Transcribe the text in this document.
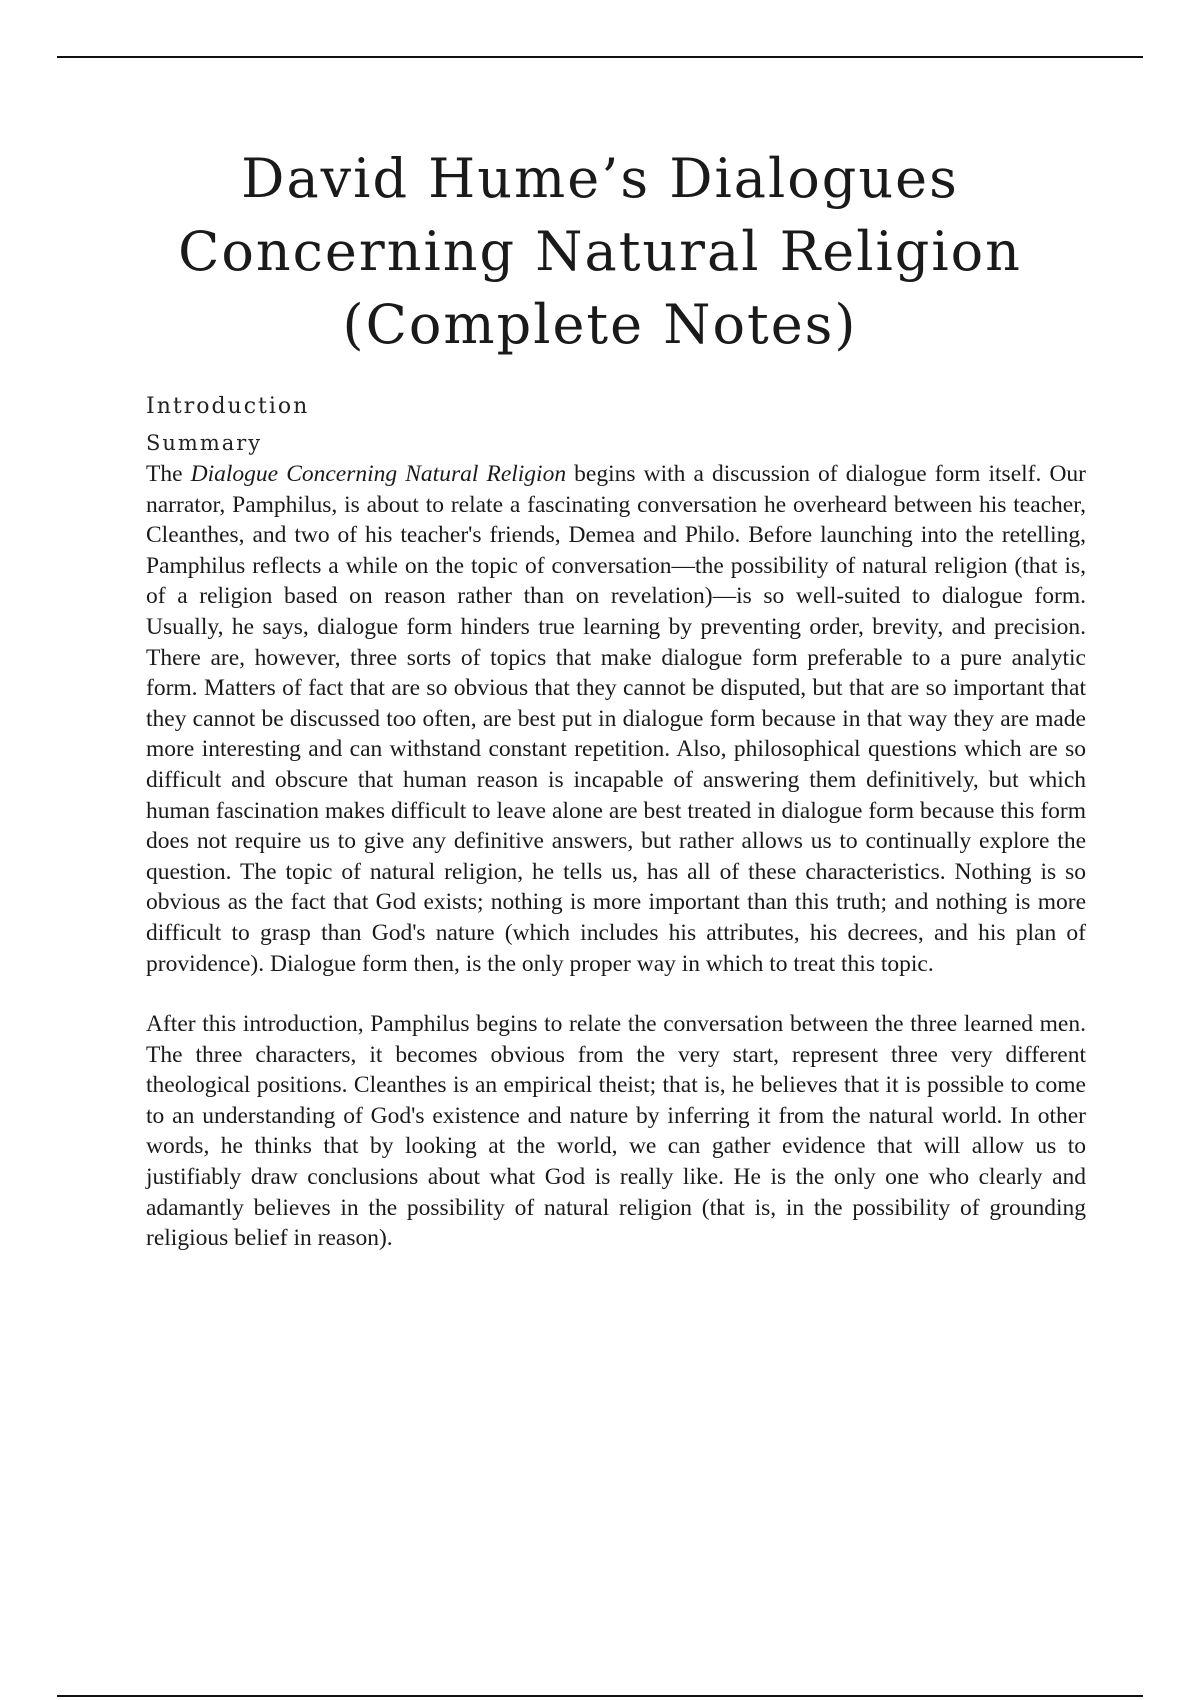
David Hume’s Dialogues
Concerning Natural Religion
(Complete Notes)
Introduction
Summary

The Dialogue Concerning Natural Religion begins with a discussion of dialogue form itself. Our narrator, Pamphilus, is about to relate a fascinating conversation he overheard between his teacher, Cleanthes, and two of his teacher's friends, Demea and Philo. Before launching into the retelling, Pamphilus reflects a while on the topic of conversation—the possibility of natural religion (that is, of a religion based on reason rather than on revelation)—is so well-suited to dialogue form. Usually, he says, dialogue form hinders true learning by preventing order, brevity, and precision. There are, however, three sorts of topics that make dialogue form preferable to a pure analytic form. Matters of fact that are so obvious that they cannot be disputed, but that are so important that they cannot be discussed too often, are best put in dialogue form because in that way they are made more interesting and can withstand constant repetition. Also, philosophical questions which are so difficult and obscure that human reason is incapable of answering them definitively, but which human fascination makes difficult to leave alone are best treated in dialogue form because this form does not require us to give any definitive answers, but rather allows us to continually explore the question. The topic of natural religion, he tells us, has all of these characteristics. Nothing is so obvious as the fact that God exists; nothing is more important than this truth; and nothing is more difficult to grasp than God's nature (which includes his attributes, his decrees, and his plan of providence). Dialogue form then, is the only proper way in which to treat this topic.

After this introduction, Pamphilus begins to relate the conversation between the three learned men. The three characters, it becomes obvious from the very start, represent three very different theological positions. Cleanthes is an empirical theist; that is, he believes that it is possible to come to an understanding of God's existence and nature by inferring it from the natural world. In other words, he thinks that by looking at the world, we can gather evidence that will allow us to justifiably draw conclusions about what God is really like. He is the only one who clearly and adamantly believes in the possibility of natural religion (that is, in the possibility of grounding religious belief in reason).
